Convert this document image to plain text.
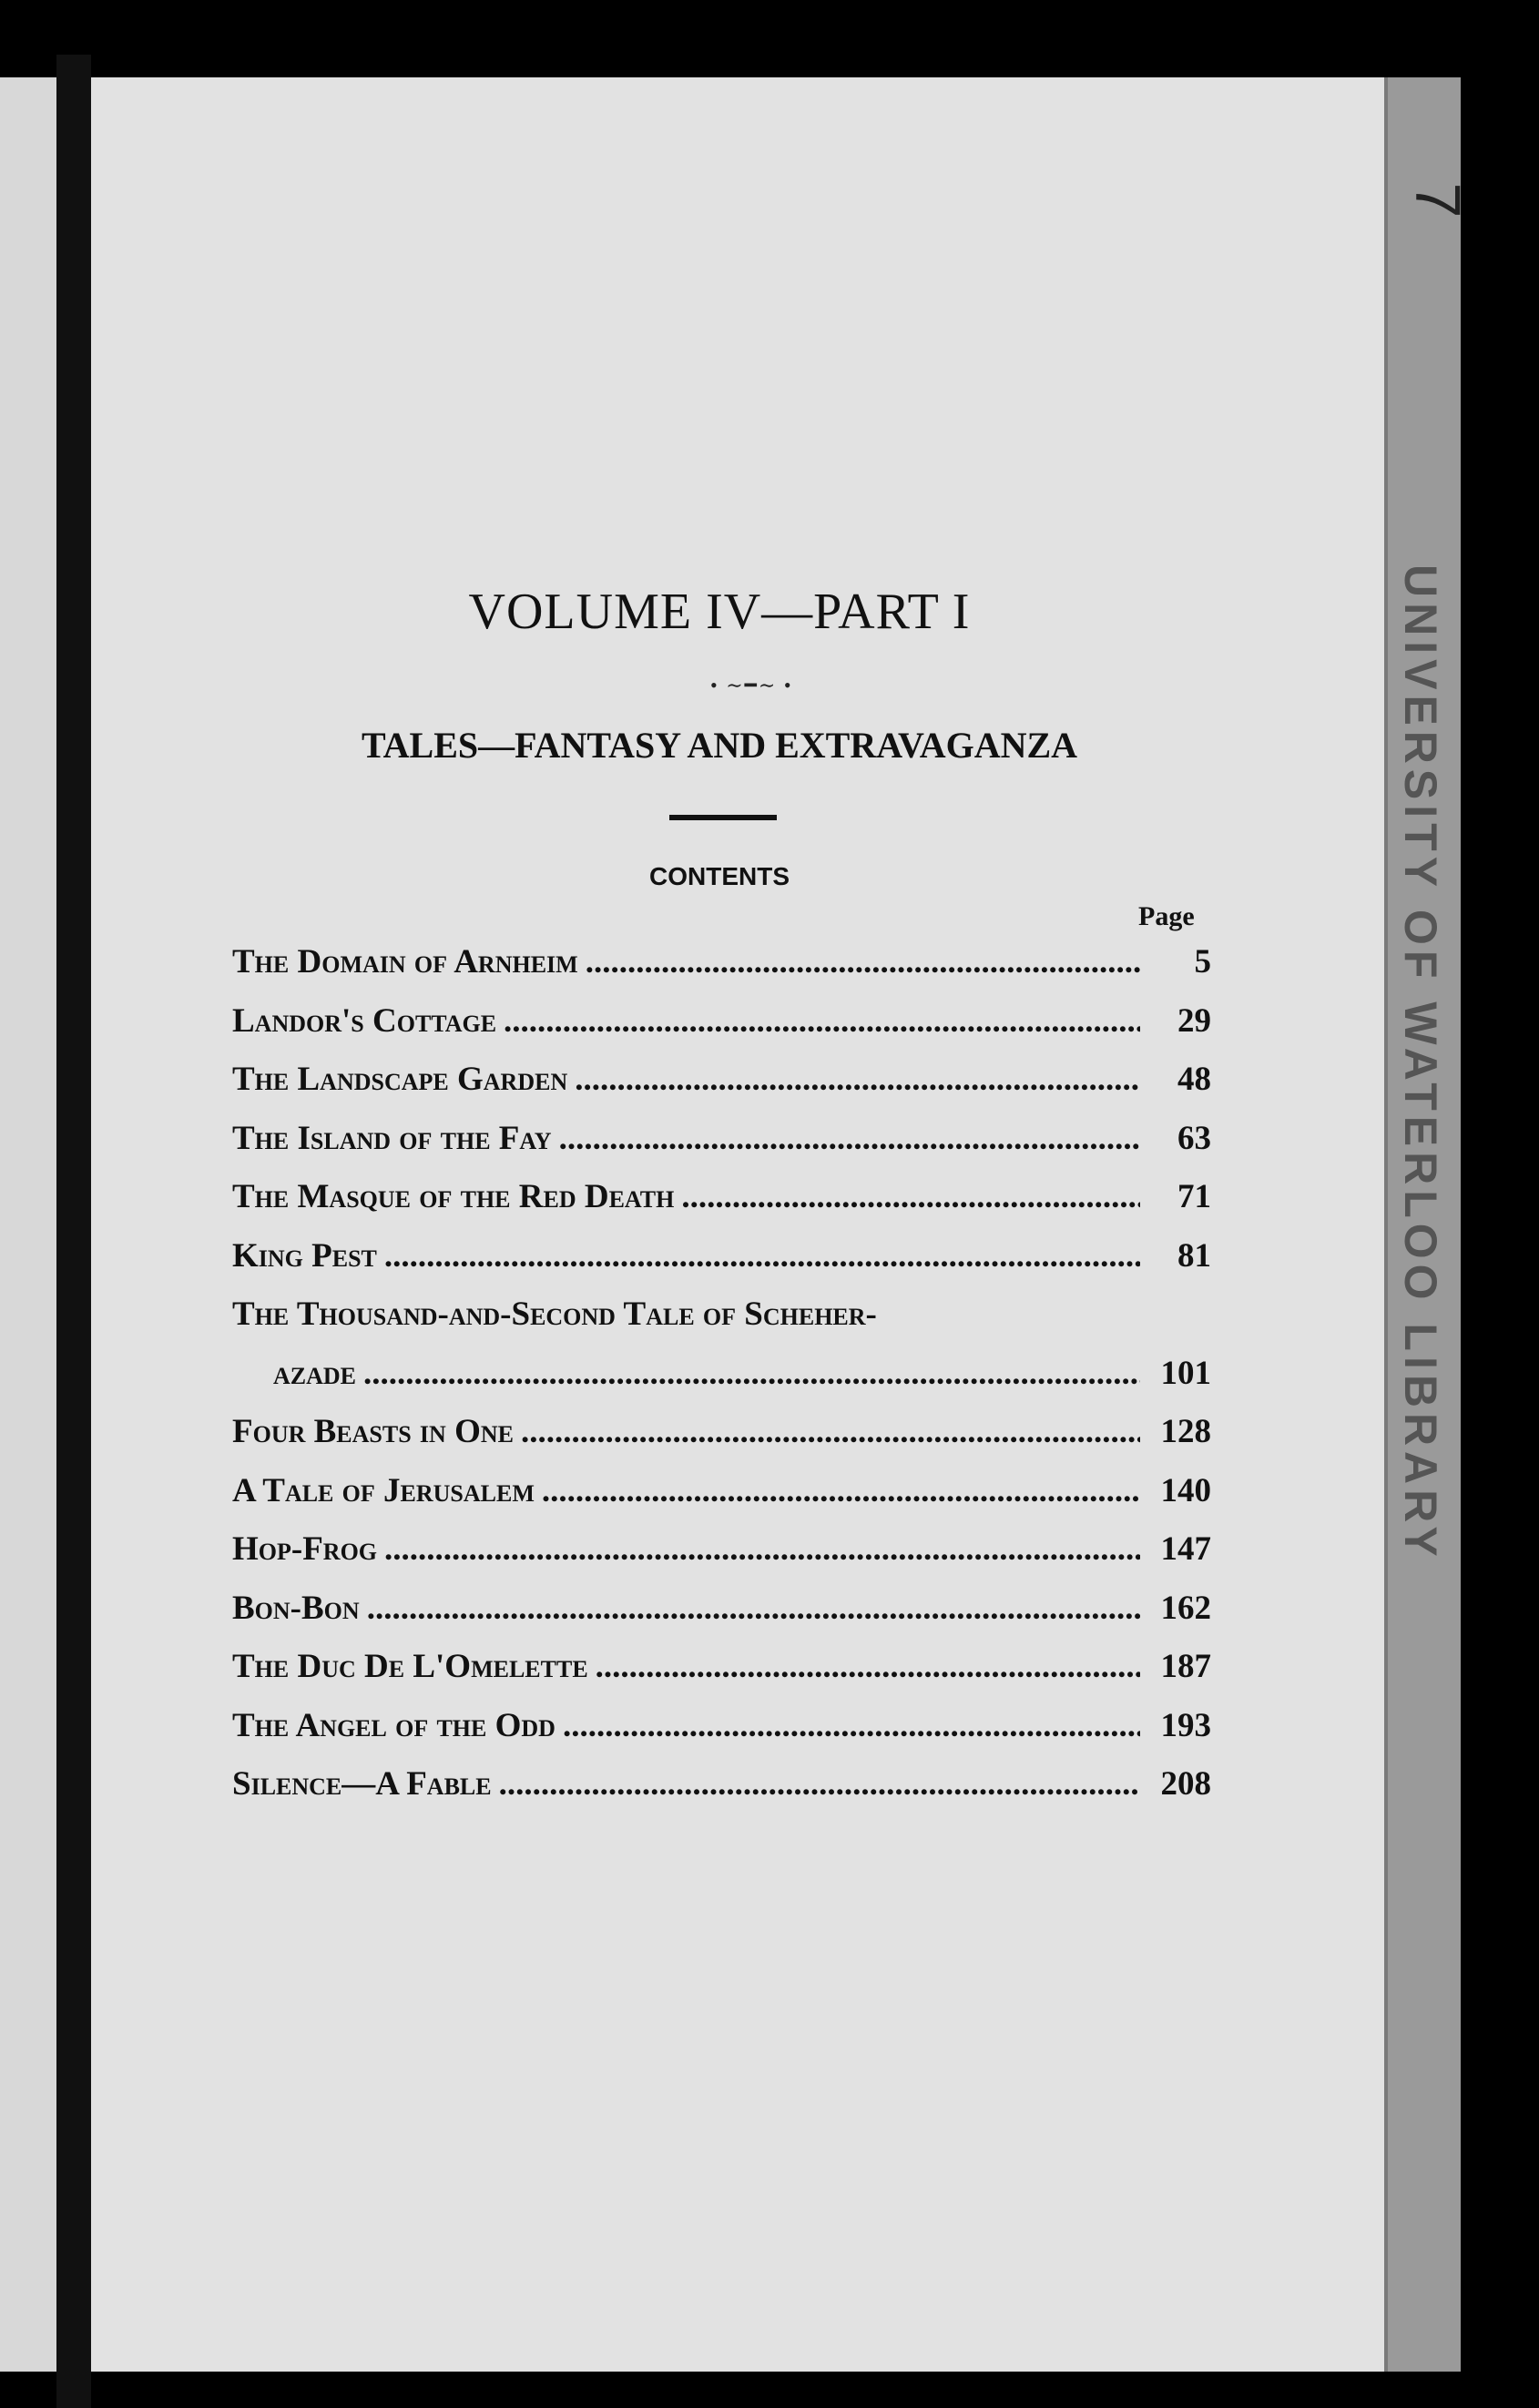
VOLUME IV—PART I
• ∼━∼ •
TALES—FANTASY AND EXTRAVAGANZA
CONTENTS
Page
The Domain of Arnheim .....	5
Landor's Cottage .....	29
The Landscape Garden .....	48
The Island of the Fay .....	63
The Masque of the Red Death .....	71
King Pest .....	81
The Thousand-and-Second Tale of Scheher-
azade .....	101
Four Beasts in One .....	128
A Tale of Jerusalem .....	140
Hop-Frog .....	147
Bon-Bon .....	162
The Duc De L'Omelette .....	187
The Angel of the Odd .....	193
Silence—A Fable .....	208
UNIVERSITY OF WATERLOO LIBRARY
7
